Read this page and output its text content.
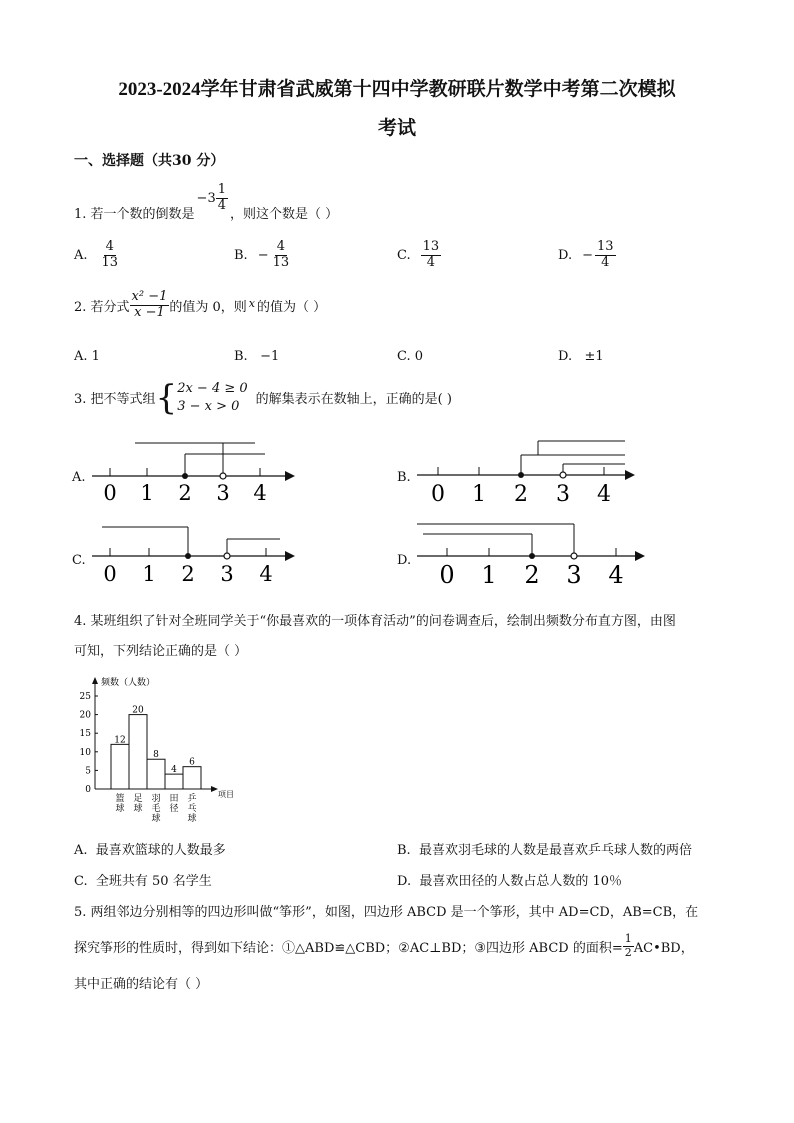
2023-2024学年甘肃省武威第十四中学教研联片数学中考第二次模拟
考试
一、选择题（共30 分）
1. 若一个数的倒数是
$-3 \frac{1}{4}$
，则这个数是（ ）
A. $\frac{4}{13}$	B. − $\frac{4}{13}$	C. $\frac{13}{4}$	D. − $\frac{13}{4}$
2. 若分式 $\frac{\text{x² −1}}{x -1}$ 的值为 0，则 x 的值为（ ）
A. 1	B. −1	C. 0	D. ±1
3. 把不等式组 { 2x − 4 ≥ 0
3 − x > 0	的解集表示在数轴上，正确的是( )
A.
0 1 2 3 4
B.
0 1 2 3 4
C.
0 1 2 3 4
D.
0 1 2 3 4
4. 某班组织了针对全班同学关于“你最喜欢的一项体育活动”的问卷调查后，绘制出频数分布直方图，由图
可知，下列结论正确的是（ ）
频数（人数）
项目
0
5
10
15
20
25
12
篮
球
20
足
球
8
羽
毛
球
4
田
径
6
乒
乓
球
A. 最喜欢篮球的人数最多	B. 最喜欢羽毛球的人数是最喜欢乒乓球人数的两倍
C. 全班共有 50 名学生	D. 最喜欢田径的人数占总人数的 10％
5. 两组邻边分别相等的四边形叫做“筝形”，如图，四边形 ABCD 是一个筝形，其中 AD=CD，AB=CB，在
探究筝形的性质时，得到如下结论：①△ABD≌△CBD；②AC⊥BD；③四边形 ABCD 的面积= $\frac{1}{2}$ AC•BD，
其中正确的结论有（ ）
